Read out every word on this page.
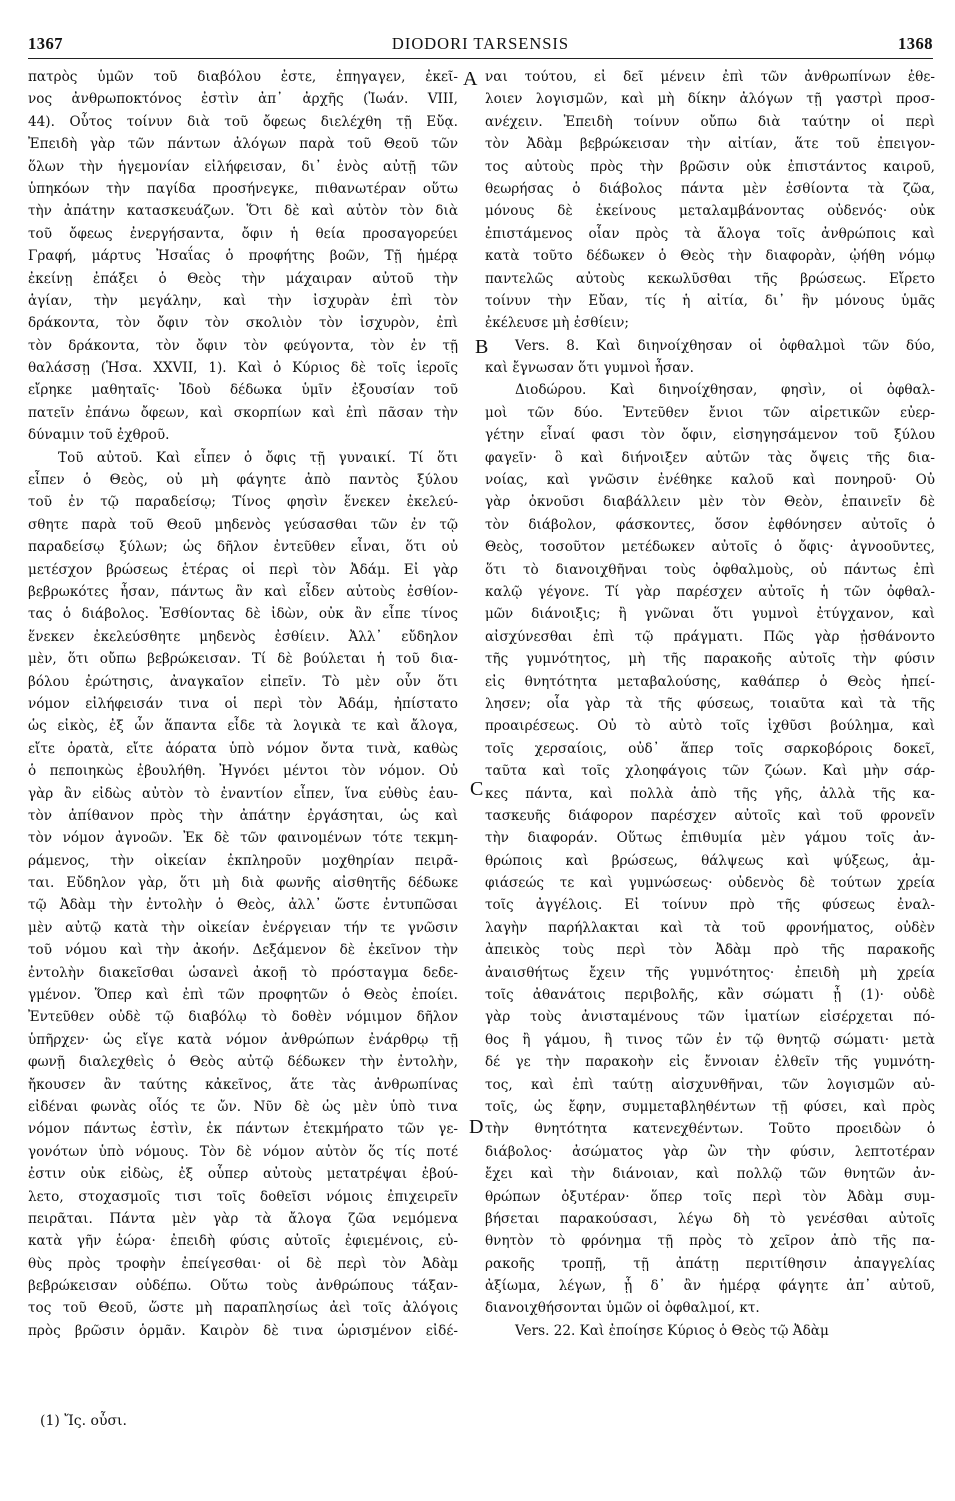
1367	DIODORI TARSENSIS	1368

πατρὸς ὑμῶν τοῦ διαβόλου ἐστε, ἐπηγαγεν, ἐκεῖ-

νος ἀνθρωποκτόνος ἐστὶν ἀπ᾽ ἀρχῆς (Ἰωάν. VIII,

44). Οὗτος τοίνυν διὰ τοῦ ὄφεως διελέχθη τῇ Εὔᾳ.

Ἐπειδὴ γὰρ τῶν πάντων ἀλόγων παρὰ τοῦ Θεοῦ τῶν

ὅλων τὴν ἡγεμονίαν εἰλήφεισαν, δι᾽ ἑνὸς αὐτῇ τῶν

ὑπηκόων τὴν παγίδα προσήνεγκε, πιθανωτέραν οὕτω

τὴν ἀπάτην κατασκευάζων. Ὅτι δὲ καὶ αὐτὸν τὸν διὰ

τοῦ ὄφεως ἐνεργήσαντα, ὄφιν ἡ θεία προσαγορεύει

Γραφή, μάρτυς Ἠσαΐας ὁ προφήτης βοῶν, Τῇ ἡμέρᾳ

ἐκείνῃ ἐπάξει ὁ Θεὸς τὴν μάχαιραν αὐτοῦ τὴν

ἁγίαν, τὴν μεγάλην, καὶ τὴν ἰσχυρὰν ἐπὶ τὸν

δράκοντα, τὸν ὄφιν τὸν σκολιὸν τὸν ἰσχυρὸν, ἐπὶ

τὸν δράκοντα, τὸν ὄφιν τὸν φεύγοντα, τὸν ἐν τῇ

θαλάσσῃ (Ἡσα. XXVII, 1). Καὶ ὁ Κύριος δὲ τοῖς ἱεροῖς

εἴρηκε μαθηταῖς· Ἰδοὺ δέδωκα ὑμῖν ἐξουσίαν τοῦ

πατεῖν ἐπάνω ὄφεων, καὶ σκορπίων καὶ ἐπὶ πᾶσαν τὴν

δύναμιν τοῦ ἐχθροῦ.

Τοῦ αὐτοῦ. Καὶ εἶπεν ὁ ὄφις τῇ γυναικί. Τί ὅτι

εἶπεν ὁ Θεὸς, οὐ μὴ φάγητε ἀπὸ παντὸς ξύλου

τοῦ ἐν τῷ παραδείσῳ; Τίνος φησὶν ἕνεκεν ἐκελεύ-

σθητε παρὰ τοῦ Θεοῦ μηδενὸς γεύσασθαι τῶν ἐν τῷ

παραδείσῳ ξύλων; ὡς δῆλον ἐντεῦθεν εἶναι, ὅτι οὐ

μετέσχον βρώσεως ἑτέρας οἱ περὶ τὸν Ἀδάμ. Εἰ γὰρ

βεβρωκότες ἦσαν, πάντως ἂν καὶ εἶδεν αὐτοὺς ἐσθίον-

τας ὁ διάβολος. Ἐσθίοντας δὲ ἰδὼν, οὐκ ἂν εἶπε τίνος

ἕνεκεν ἐκελεύσθητε μηδενὸς ἐσθίειν. Ἀλλ᾽ εὔδηλον

μὲν, ὅτι οὔπω βεβρώκεισαν. Τί δὲ βούλεται ἡ τοῦ δια-

βόλου ἐρώτησις, ἀναγκαῖον εἰπεῖν. Τὸ μὲν οὖν ὅτι

νόμον εἰλήφεισάν τινα οἱ περὶ τὸν Ἀδάμ, ἠπίστατο

ὡς εἰκὸς, ἐξ ὧν ἅπαντα εἶδε τὰ λογικὰ τε καὶ ἄλογα,

εἴτε ὁρατὰ, εἴτε ἀόρατα ὑπὸ νόμον ὄντα τινὰ, καθὼς

ὁ πεποιηκὼς ἐβουλήθη. Ἠγνόει μέντοι τὸν νόμον. Οὐ

γὰρ ἂν εἰδὼς αὐτὸν τὸ ἐναντίον εἶπεν, ἵνα εὐθὺς ἑαυ-

τὸν ἀπίθανον πρὸς τὴν ἀπάτην ἐργάσηται, ὡς καὶ

τὸν νόμον ἀγνοῶν. Ἐκ δὲ τῶν φαινομένων τότε τεκμη-

ράμενος, τὴν οἰκείαν ἐκπληροῦν μοχθηρίαν πειρᾶ-

ται. Εὔδηλον γὰρ, ὅτι μὴ διὰ φωνῆς αἰσθητῆς δέδωκε

τῷ Ἀδὰμ τὴν ἐντολὴν ὁ Θεὸς, ἀλλ᾽ ὥστε ἐντυπῶσαι

μὲν αὐτῷ κατὰ τὴν οἰκείαν ἐνέργειαν τήν τε γνῶσιν

τοῦ νόμου καὶ τὴν ἀκοήν. Δεξάμενον δὲ ἐκεῖνον τὴν

ἐντολὴν διακεῖσθαι ὡσανεὶ ἀκοῇ τὸ πρόσταγμα δεδε-

γμένον. Ὅπερ καὶ ἐπὶ τῶν προφητῶν ὁ Θεὸς ἐποίει.

Ἐντεῦθεν οὐδὲ τῷ διαβόλῳ τὸ δοθὲν νόμιμον δῆλον

ὑπῆρχεν· ὡς εἴγε κατὰ νόμον ἀνθρώπων ἐνάρθρῳ τῇ

φωνῇ διαλεχθεὶς ὁ Θεὸς αὐτῷ δέδωκεν τὴν ἐντολὴν,

ἤκουσεν ἂν ταύτης κἀκεῖνος, ἅτε τὰς ἀνθρωπίνας

εἰδέναι φωνὰς οἷός τε ὤν. Νῦν δὲ ὡς μὲν ὑπὸ τινα

νόμον πάντως ἐστὶν, ἐκ πάντων ἐτεκμήρατο τῶν γε-

γονότων ὑπὸ νόμους. Τὸν δὲ νόμον αὐτὸν ὅς τίς ποτέ

ἐστιν οὐκ εἰδὼς, ἐξ οὗπερ αὐτοὺς μετατρέψαι ἐβού-

λετο, στοχασμοῖς τισι τοῖς δοθεῖσι νόμοις ἐπιχειρεῖν

πειρᾶται. Πάντα μὲν γὰρ τὰ ἄλογα ζῶα νεμόμενα

κατὰ γῆν ἑώρα· ἐπειδὴ φύσις αὐτοῖς ἐφιεμένοις, εὐ-

θὺς πρὸς τροφὴν ἐπείγεσθαι· οἱ δὲ περὶ τὸν Ἀδὰμ

βεβρώκεισαν οὐδέπω. Οὕτω τοὺς ἀνθρώπους τάξαν-

τος τοῦ Θεοῦ, ὥστε μὴ παραπλησίως ἀεὶ τοῖς ἀλόγοις

πρὸς βρῶσιν ὁρμᾶν. Καιρὸν δὲ τινα ὡρισμένον εἰδέ-

ναι τούτου, εἰ δεῖ μένειν ἐπὶ τῶν ἀνθρωπίνων ἐθε-

λοιεν λογισμῶν, καὶ μὴ δίκην ἀλόγων τῇ γαστρὶ προσ-

ανέχειν. Ἐπειδὴ τοίνυν οὔπω διὰ ταύτην οἱ περὶ

τὸν Ἀδὰμ βεβρώκεισαν τὴν αἰτίαν, ἅτε τοῦ ἐπειγον-

τος αὐτοὺς πρὸς τὴν βρῶσιν οὐκ ἐπιστάντος καιροῦ,

θεωρήσας ὁ διάβολος πάντα μὲν ἐσθίοντα τὰ ζῶα,

μόνους δὲ ἐκείνους μεταλαμβάνοντας οὐδενός· οὐκ

ἐπιστάμενος οἷαν πρὸς τὰ ἄλογα τοῖς ἀνθρώποις καὶ

κατὰ τοῦτο δέδωκεν ὁ Θεὸς τὴν διαφορὰν, ᾠήθη νόμῳ

παντελῶς αὐτοὺς κεκωλῦσθαι τῆς βρώσεως. Εἴρετο

τοίνυν τὴν Εὔαν, τίς ἡ αἰτία, δι᾽ ἣν μόνους ὑμᾶς

ἐκέλευσε μὴ ἐσθίειν;

Vers. 8. Καὶ διηνοίχθησαν οἱ ὀφθαλμοὶ τῶν δύο,

καὶ ἔγνωσαν ὅτι γυμνοὶ ἦσαν.

Διοδώρου. Καὶ διηνοίχθησαν, φησὶν, οἱ ὀφθαλ-

μοὶ τῶν δύο. Ἐντεῦθεν ἔνιοι τῶν αἱρετικῶν εὐερ-

γέτην εἶναί φασι τὸν ὄφιν, εἰσηγησάμενον τοῦ ξύλου

φαγεῖν· ὃ καὶ διήνοιξεν αὐτῶν τὰς ὄψεις τῆς δια-

νοίας, καὶ γνῶσιν ἐνέθηκε καλοῦ καὶ πονηροῦ· Οὐ

γὰρ ὀκνοῦσι διαβάλλειν μὲν τὸν Θεὸν, ἐπαινεῖν δὲ

τὸν διάβολον, φάσκοντες, ὅσον ἐφθόνησεν αὐτοῖς ὁ

Θεὸς, τοσοῦτον μετέδωκεν αὐτοῖς ὁ ὄφις· ἀγνοοῦντες,

ὅτι τὸ διανοιχθῆναι τοὺς ὀφθαλμοὺς, οὐ πάντως ἐπὶ

καλῷ γέγονε. Τί γὰρ παρέσχεν αὐτοῖς ἡ τῶν ὀφθαλ-

μῶν διάνοιξις; ἢ γνῶναι ὅτι γυμνοὶ ἐτύγχανον, καὶ

αἰσχύνεσθαι ἐπὶ τῷ πράγματι. Πῶς γὰρ ᾐσθάνοντο

τῆς γυμνότητος, μὴ τῆς παρακοῆς αὐτοῖς τὴν φύσιν

εἰς θνητότητα μεταβαλούσης, καθάπερ ὁ Θεὸς ἠπεί-

λησεν; οἷα γὰρ τὰ τῆς φύσεως, τοιαῦτα καὶ τὰ τῆς

προαιρέσεως. Οὐ τὸ αὐτὸ τοῖς ἰχθῦσι βούλημα, καὶ

τοῖς χερσαίοις, οὐδ᾽ ἅπερ τοῖς σαρκοβόροις δοκεῖ,

ταῦτα καὶ τοῖς χλοηφάγοις τῶν ζώων. Καὶ μὴν σάρ-

κες πάντα, καὶ πολλὰ ἀπὸ τῆς γῆς, ἀλλὰ τῆς κα-

τασκευῆς διάφορον παρέσχεν αὐτοῖς καὶ τοῦ φρονεῖν

τὴν διαφοράν. Οὕτως ἐπιθυμία μὲν γάμου τοῖς ἀν-

θρώποις καὶ βρώσεως, θάλψεως καὶ ψύξεως, ἀμ-

φιάσεώς τε καὶ γυμνώσεως· οὐδενὸς δὲ τούτων χρεία

τοῖς ἀγγέλοις. Εἰ τοίνυν πρὸ τῆς φύσεως ἐναλ-

λαγὴν παρήλλακται καὶ τὰ τοῦ φρονήματος, οὐδὲν

ἀπεικὸς τοὺς περὶ τὸν Ἀδὰμ πρὸ τῆς παρακοῆς

ἀναισθήτως ἔχειν τῆς γυμνότητος· ἐπειδὴ μὴ χρεία

τοῖς ἀθανάτοις περιβολῆς, κἂν σώματι ᾖ (1)· οὐδὲ

γὰρ τοὺς ἀνισταμένους τῶν ἱματίων εἰσέρχεται πό-

θος ἢ γάμου, ἢ τινος τῶν ἐν τῷ θνητῷ σώματι· μετὰ

δέ γε τὴν παρακοὴν εἰς ἔννοιαν ἐλθεῖν τῆς γυμνότη-

τος, καὶ ἐπὶ ταύτῃ αἰσχυνθῆναι, τῶν λογισμῶν αὐ-

τοῖς, ὡς ἔφην, συμμεταβληθέντων τῇ φύσει, καὶ πρὸς

τὴν θνητότητα κατενεχθέντων. Τοῦτο προειδὼν ὁ

διάβολος· ἀσώματος γὰρ ὢν τὴν φύσιν, λεπτοτέραν

ἔχει καὶ τὴν διάνοιαν, καὶ πολλῷ τῶν θνητῶν ἀν-

θρώπων ὀξυτέραν· ὅπερ τοῖς περὶ τὸν Ἀδὰμ συμ-

βήσεται παρακούσασι, λέγω δὴ τὸ γενέσθαι αὐτοῖς

θνητὸν τὸ φρόνημα τῇ πρὸς τὸ χεῖρον ἀπὸ τῆς πα-

ρακοῆς τροπῇ, τῇ ἀπάτῃ περιτίθησιν ἀπαγγελίας

ἀξίωμα, λέγων, ᾗ δ᾽ ἂν ἡμέρᾳ φάγητε ἀπ᾽ αὐτοῦ,

διανοιχθήσονται ὑμῶν οἱ ὀφθαλμοί, κτ.

Vers. 22. Καὶ ἐποίησε Κύριος ὁ Θεὸς τῷ Ἀδὰμ

A
B
C
D
(1) Ἴς. οὖσι.
